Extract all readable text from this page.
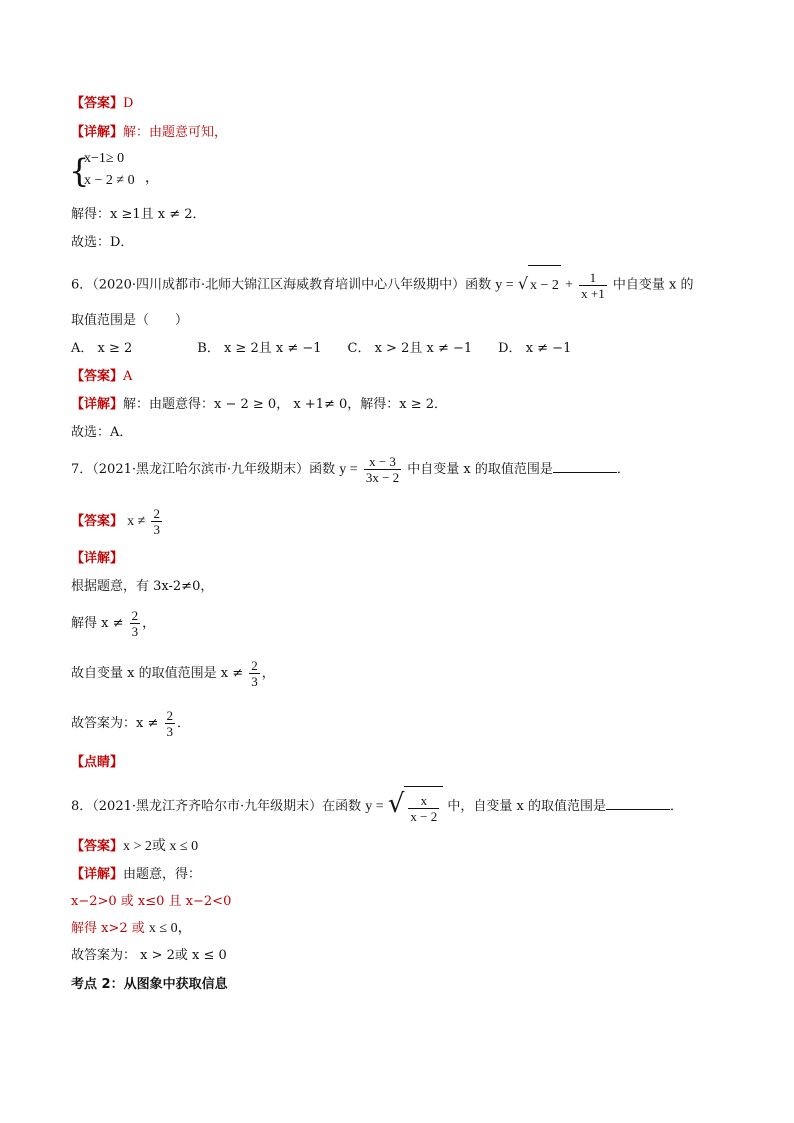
【答案】D
【详解】解：由题意可知，
{
x−1≥ 0
x − 2 ≠ 0 ，
解得：x ≥1且 x ≠ 2．
故选：D．
6．（2020·四川成都市·北师大锦江区海威教育培训中心八年级期中）函数 y = √ $x - 2 + \frac{1}{x +1}$ 中自变量 x 的
取值范围是（　　）
A． x ≥ 2　　　　　B． x ≥ 2且 x ≠ −1　　C． x > 2且 x ≠ −1　　D． x ≠ −1
【答案】A
【详解】解：由题意得：x − 2 ≥ 0， x +1≠ 0，解得：x ≥ 2．
故选：A．
7．（2021·黑龙江哈尔滨市·九年级期末）函数 $y = \frac{x - 3}{3x - 2}$ 中自变量 x 的取值范围是	．
【答案】 $x \ne \frac{2}{3}$
【详解】
根据题意，有 3x-2≠0，
解得 $x \ne \frac{2}{3}$ ，
故自变量 x 的取值范围是 $x \ne \frac{2}{3}$ ，
故答案为：$x \ne \frac{2}{3}$ ．
【点睛】
8．（2021·黑龙江齐齐哈尔市·九年级期末）在函数 y = √ $\frac{x}{x - 2}$ 中，自变量 x 的取值范围是	．
【答案】x > 2或 x ≤ 0
【详解】由题意，得：
x−2>0 或 x≤0 且 x−2<0
解得 x>2 或 x ≤ 0，
故答案为： x > 2或 x ≤ 0
考点 2：从图象中获取信息
